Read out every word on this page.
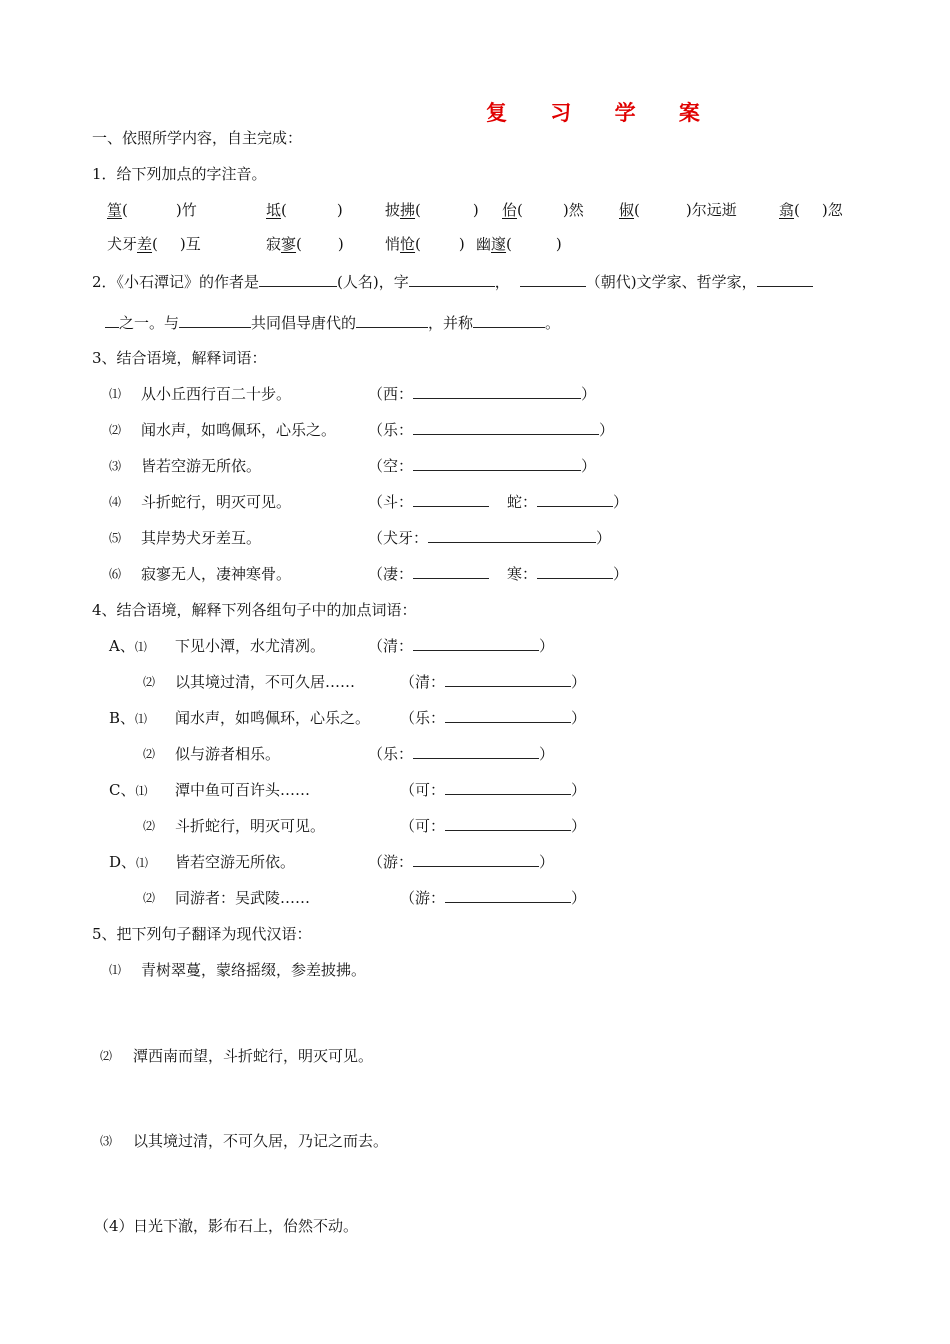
复 习 学 案
一、依照所学内容，自主完成：
1．给下列加点的字注音。
篁(	)竹	坻(	)	披拂(	) 佁(	)然 俶(	)尔远逝	翕( )忽
犬牙差( )互	寂寥( )	悄怆(	) 幽邃(	)
2．《小石潭记》的作者是	(人名)，字	，	（朝代)文学家、哲学家，
之一。与	共同倡导唐代的	，并称	。
3、结合语境，解释词语：
⑴ 从小丘西行百二十步。	（西：	）
⑵ 闻水声，如鸣佩环，心乐之。 （乐：	）
⑶ 皆若空游无所依。	（空：	）
⑷ 斗折蛇行，明灭可见。	（斗：	蛇：	）
⑸ 其岸势犬牙差互。	（犬牙：	）
⑹ 寂寥无人，凄神寒骨。	（凄：	寒：	）
4、结合语境，解释下列各组句子中的加点词语：
A、⑴ 下见小潭，水尤清冽。	（清：	）
⑵ 以其境过清，不可久居……	（清：	）
B、⑴ 闻水声，如鸣佩环，心乐之。 （乐：	）
⑵ 似与游者相乐。	（乐：	）
C、⑴ 潭中鱼可百许头……	（可：	）
⑵ 斗折蛇行，明灭可见。	（可：	）
D、⑴ 皆若空游无所依。	（游：	）
⑵ 同游者：吴武陵……	（游：	）
5、把下列句子翻译为现代汉语：
⑴ 青树翠蔓，蒙络摇缀，参差披拂。
⑵ 潭西南而望，斗折蛇行，明灭可见。
⑶ 以其境过清，不可久居，乃记之而去。
（4） 日光下澈，影布石上，佁然不动。
